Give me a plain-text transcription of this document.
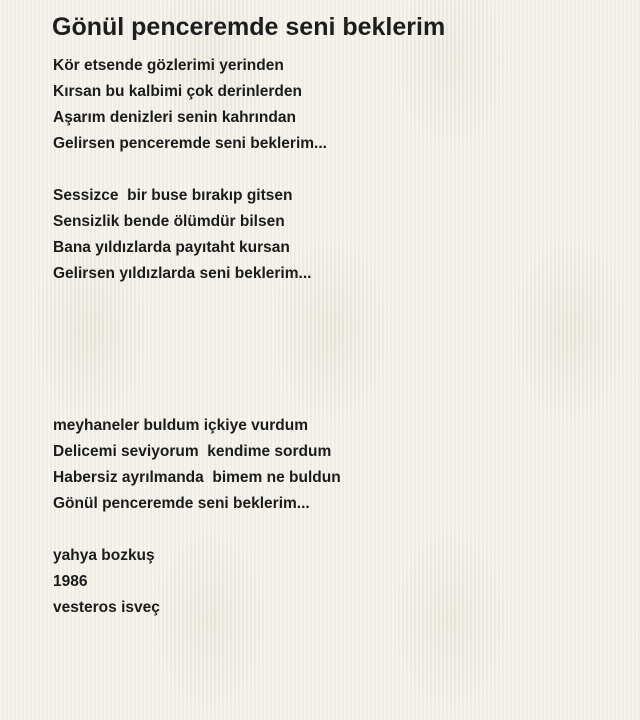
Gönül penceremde seni beklerim
Kör etsende gözlerimi yerinden
Kırsan bu kalbimi çok derinlerden
Aşarım denizleri senin kahrından
Gelirsen penceremde seni beklerim...
Sessizce  bir buse bırakıp gitsen
Sensizlik bende ölümdür bilsen
Bana yıldızlarda payıtaht kursan
Gelirsen yıldızlarda seni beklerim...
meyhaneler buldum içkiye vurdum
Delicemi seviyorum  kendime sordum
Habersiz ayrılmanda  bimem ne buldun
Gönül penceremde seni beklerim...
yahya bozkuş
1986
vesteros isveç
